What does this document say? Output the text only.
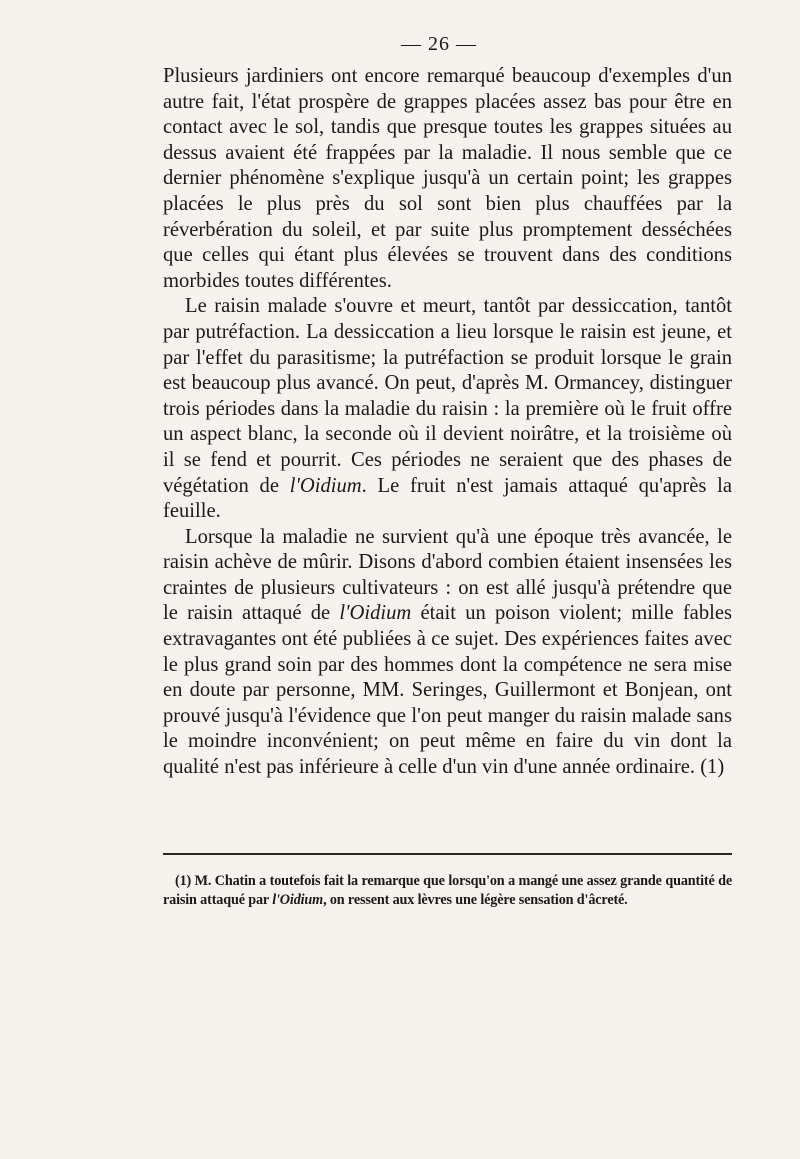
— 26 —

Plusieurs jardiniers ont encore remarqué beaucoup d'exemples d'un autre fait, l'état prospère de grappes placées assez bas pour être en contact avec le sol, tandis que presque toutes les grappes situées au dessus avaient été frappées par la maladie. Il nous semble que ce dernier phénomène s'explique jusqu'à un certain point; les grappes placées le plus près du sol sont bien plus chauffées par la réverbération du soleil, et par suite plus promptement desséchées que celles qui étant plus élevées se trouvent dans des conditions morbides toutes différentes.

Le raisin malade s'ouvre et meurt, tantôt par dessiccation, tantôt par putréfaction. La dessiccation a lieu lorsque le raisin est jeune, et par l'effet du parasitisme; la putréfaction se produit lorsque le grain est beaucoup plus avancé. On peut, d'après M. Ormancey, distinguer trois périodes dans la maladie du raisin : la première où le fruit offre un aspect blanc, la seconde où il devient noirâtre, et la troisième où il se fend et pourrit. Ces périodes ne seraient que des phases de végétation de l'Oidium. Le fruit n'est jamais attaqué qu'après la feuille.

Lorsque la maladie ne survient qu'à une époque très avancée, le raisin achève de mûrir. Disons d'abord combien étaient insensées les craintes de plusieurs cultivateurs : on est allé jusqu'à prétendre que le raisin attaqué de l'Oidium était un poison violent; mille fables extravagantes ont été publiées à ce sujet. Des expériences faites avec le plus grand soin par des hommes dont la compétence ne sera mise en doute par personne, MM. Seringes, Guillermont et Bonjean, ont prouvé jusqu'à l'évidence que l'on peut manger du raisin malade sans le moindre inconvénient; on peut même en faire du vin dont la qualité n'est pas inférieure à celle d'un vin d'une année ordinaire. (1)

(1) M. Chatin a toutefois fait la remarque que lorsqu'on a mangé une assez grande quantité de raisin attaqué par l'Oidium, on ressent aux lèvres une légère sensation d'âcreté.
